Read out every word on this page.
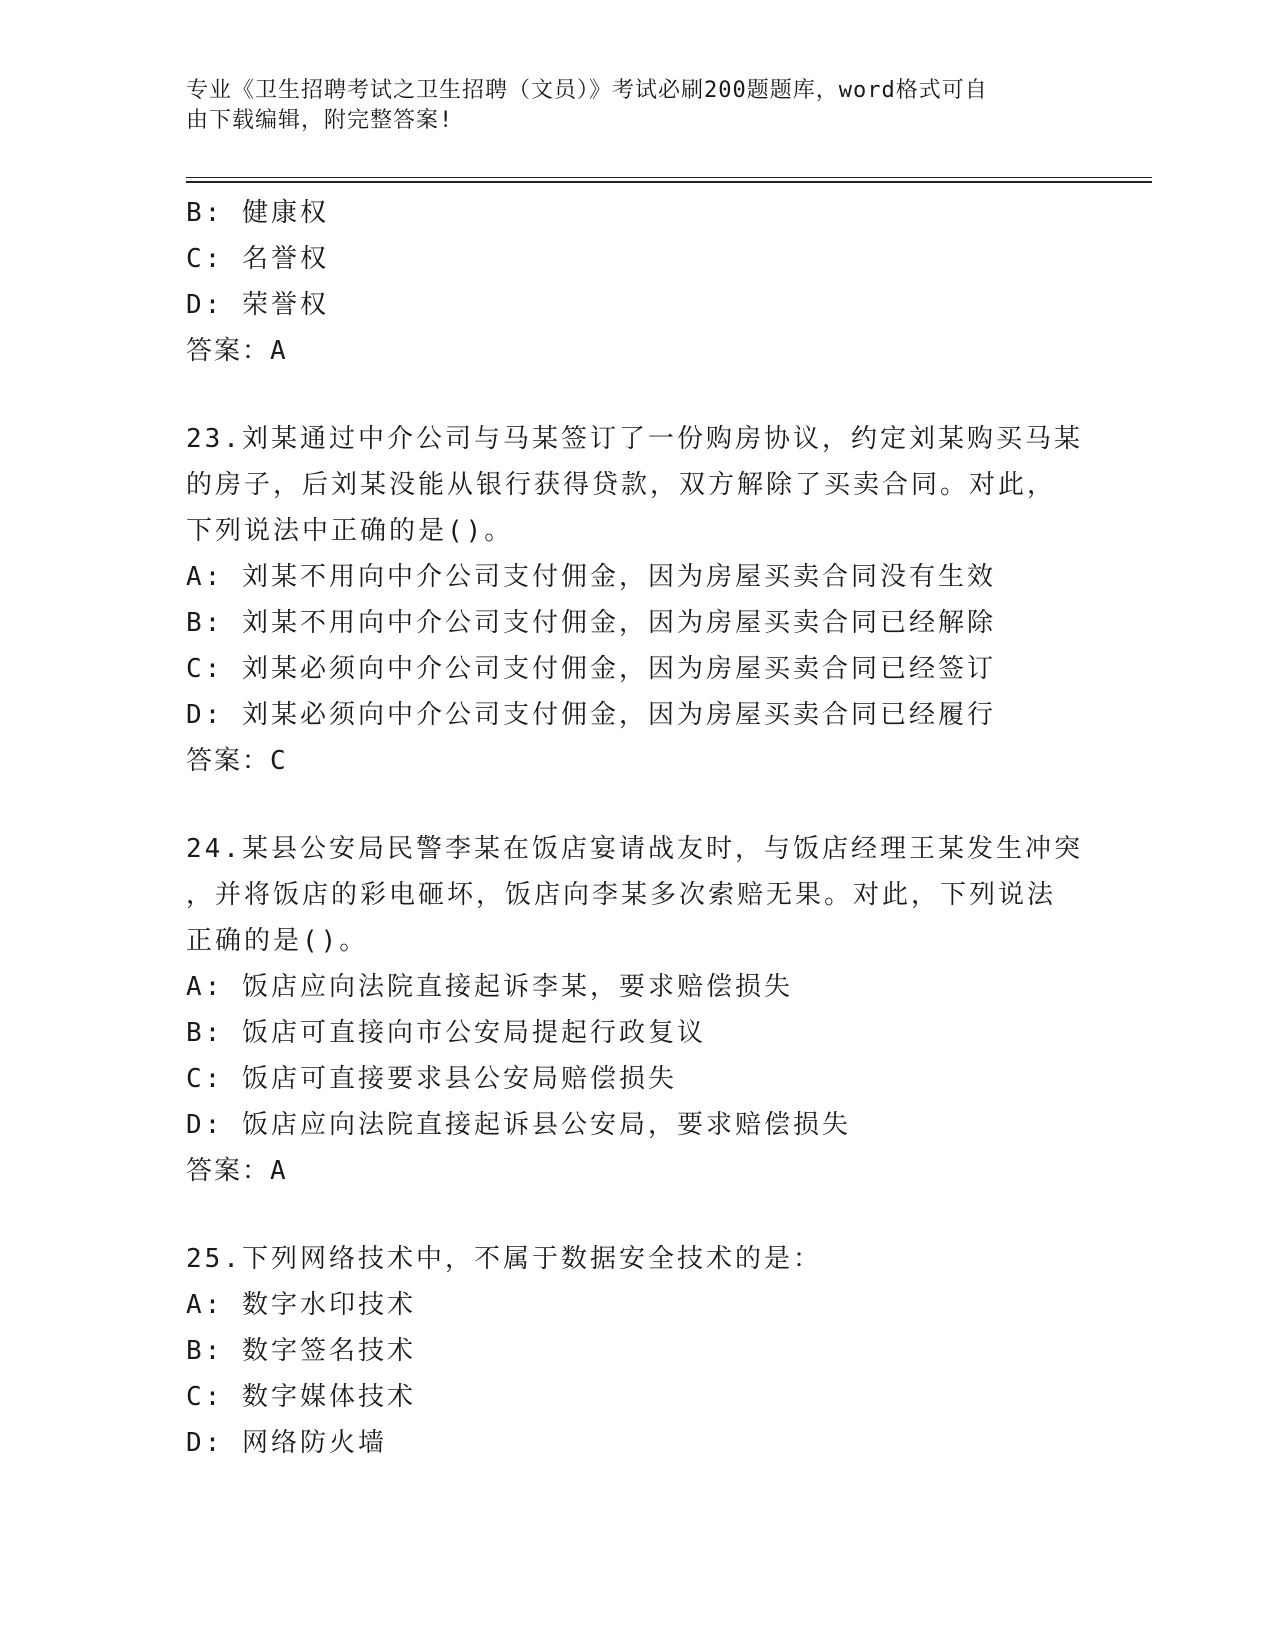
专业《卫生招聘考试之卫生招聘（文员）》考试必刷200题题库，word格式可自
由下载编辑，附完整答案!
B: 健康权
C: 名誉权
D: 荣誉权
答案：A
23.刘某通过中介公司与马某签订了一份购房协议，约定刘某购买马某
的房子，后刘某没能从银行获得贷款，双方解除了买卖合同。对此，
下列说法中正确的是()。
A: 刘某不用向中介公司支付佣金，因为房屋买卖合同没有生效
B: 刘某不用向中介公司支付佣金，因为房屋买卖合同已经解除
C: 刘某必须向中介公司支付佣金，因为房屋买卖合同已经签订
D: 刘某必须向中介公司支付佣金，因为房屋买卖合同已经履行
答案：C
24.某县公安局民警李某在饭店宴请战友时，与饭店经理王某发生冲突
，并将饭店的彩电砸坏，饭店向李某多次索赔无果。对此，下列说法
正确的是()。
A: 饭店应向法院直接起诉李某，要求赔偿损失
B: 饭店可直接向市公安局提起行政复议
C: 饭店可直接要求县公安局赔偿损失
D: 饭店应向法院直接起诉县公安局，要求赔偿损失
答案：A
25.下列网络技术中，不属于数据安全技术的是：
A: 数字水印技术
B: 数字签名技术
C: 数字媒体技术
D: 网络防火墙
